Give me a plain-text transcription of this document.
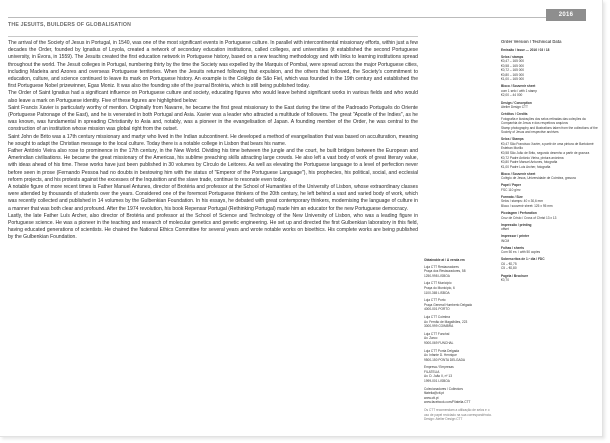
2016
THE JESUITS, BUILDERS OF GLOBALISATION

The arrival of the Society of Jesus in Portugal, in 1540, was one of the most significant events in Portuguese culture. In parallel with intercontinental missionary efforts, within just a few decades the Order, founded by Ignatius of Loyola, created a network of secondary education institutions, called colleges, and universities (it established the second Portuguese university, in Évora, in 1559). The Jesuits created the first education network in Portuguese history, based on a new teaching methodology and with links to learning institutions spread throughout the world. The Jesuit colleges in Portugal, numbering thirty by the time the Society was expelled by the Marquis of Pombal, were spread across the major Portuguese cities, including Madeira and Azores and overseas Portuguese territories. When the Jesuits returned following that expulsion, and the others that followed, the Society's commitment to education, culture, and science continued to leave its mark on Portuguese history. An example is the Colégio de São Fiel, which was founded in the 19th century and established the first Portuguese Nobel prizewinner, Egas Moniz. It was also the founding site of the journal Brotéria, which is still being published today.

The Order of Saint Ignatius had a significant influence on Portuguese culture and society, educating figures who would leave behind significant works in various fields and who would also leave a mark on Portuguese identity. Five of these figures are highlighted below:

Saint Francis Xavier is particularly worthy of mention. Originally from Navarre, he became the first great missionary to the East during the time of the Padroado Português do Oriente (Portuguese Patronage of the East), and he is venerated in both Portugal and Asia. Xavier was a leader who attracted a multitude of followers. The great "Apostle of the Indies", as he was known, was fundamental in spreading Christianity to Asia and, notably, was a pioneer in the evangelisation of Japan. A founding member of the Order, he was central to the construction of an institution whose mission was global right from the outset.

Saint John de Brito was a 17th century missionary and martyr who lived in the Indian subcontinent. He developed a method of evangelisation that was based on acculturation, meaning he sought to adapt the Christian message to the local culture. Today there is a notable college in Lisbon that bears his name.

Father António Vieira also rose to prominence in the 17th century, in the New World. Dividing his time between the jungle and the court, he built bridges between the European and Amerindian civilisations. He became the great missionary of the Americas, his sublime preaching skills attracting large crowds. He also left a vast body of work of great literary value, with ideas ahead of his time. These works have just been published in 30 volumes by Círculo de Leitores. As well as elevating the Portuguese language to a level of perfection never before seen in prose (Fernando Pessoa had no doubts in bestowing him with the status of "Emperor of the Portuguese Language"), his prophecies, his political, social, and ecclesial reform projects, and his protests against the excesses of the Inquisition and the slave trade, continue to resonate even today.

A notable figure of more recent times is Father Manuel Antunes, director of Brotéria and professor at the School of Humanities of the University of Lisbon, whose extraordinary classes were attended by thousands of students over the years. Considered one of the foremost Portuguese thinkers of the 20th century, he left behind a vast and varied body of work, which was recently collected and published in 14 volumes by the Gulbenkian Foundation. In his essays, he debated with great contemporary thinkers, modernising the language of culture in a manner that was both clear and profound. After the 1974 revolution, his book Repensar Portugal (Rethinking Portugal) made him an educator for the new Portuguese democracy.

Lastly, the late Father Luís Archer, also director of Brotéria and professor at the School of Science and Technology of the New University of Lisbon, who was a leading figure in Portuguese science. He was a pioneer in the teaching and research of molecular genetics and genetic engineering. He set up and directed the first Gulbenkian laboratory in this field, having educated generations of scientists. He chaired the National Ethics Committee for several years and wrote notable works on bioethics. His complete works are being published by the Gulbenkian Foundation.

Obtainable at / À venda em
Loja CTT Restauradores
Praça dos Restauradores, 58
1250-998 LISBOA
Loja CTT Município
Praça do Município, 6
1100-365 LISBOA
Loja CTT Porto
Praça General Humberto Delgado
4000-001 PORTO
Loja CTT Coimbra
Av. Fernão de Magalhães, 223
3000-999 COIMBRA
Loja CTT Funchal
Av. Zarco
9000-069 FUNCHAL
Loja CTT Ponta Delgada
Av. Infante D. Henrique
9500-150 PONTA DELGADA
Empresa / Empresas
FILATELIA
Av. D. João II, nº 13
1999-001 LISBOA
Colecionadores / Collectors
filatelia@ctt.pt
www.ctt.pt
www.facebook.com/Filatelia.CTT
Os CTT recomendam a utilização de selos e o uso de papel reciclado na sua correspondência. Design: Atelier Design CTT
Order Version / Technical Data
Emissão / Issue — 2016 / 03 / 18
Selos / stamps
€0,47 – 165 000
€0,58 – 165 000
€0,72 – 165 000
€0,80 – 165 000
€1,00 – 165 000
Bloco / Souvenir sheet
com 1 selo / with 1 stamp
€2,00 – 44 000
Design / Conception
Atelier Design CTT
Créditos / Credits
Fotografia e ilustrações dos selos retiradas das coleções da Companhia de Jesus e dos respetivos arquivos
Stamp photography and illustrations taken from the collections of the Society of Jesus and respective archives
Selos / Stamps
€0,47 São Francisco Xavier, a partir de uma pintura de Bartolomé Esteban Murillo
€0,58 São João de Brito, segundo desenho a partir de gravura
€0,72 Padre António Vieira, pintura anónima
€0,80 Padre Manuel Antunes, fotografia
€1,00 Padre Luís Archer, fotografia
Bloco / Souvenir sheet
Colégio de Jesus, Universidade de Coimbra, gravura
Papel / Paper
FSC 110 g/m²
Formato / Size
Selos / stamps: 40 x 30,6 mm
Bloco / souvenir sheet: 125 x 95 mm
Picotagem / Perforation
Cruz de Cristo / Cross of Christ 13 x 13
Impressão / printing
offset
Impressor / printer
INCM
Folhas / sheets
Com 50 ex. / with 50 copies
Sobrescritos de 1.º dia / FDC
C6 – €0,75
C5 – €0,80
Pagela / Brochure
€0,70
